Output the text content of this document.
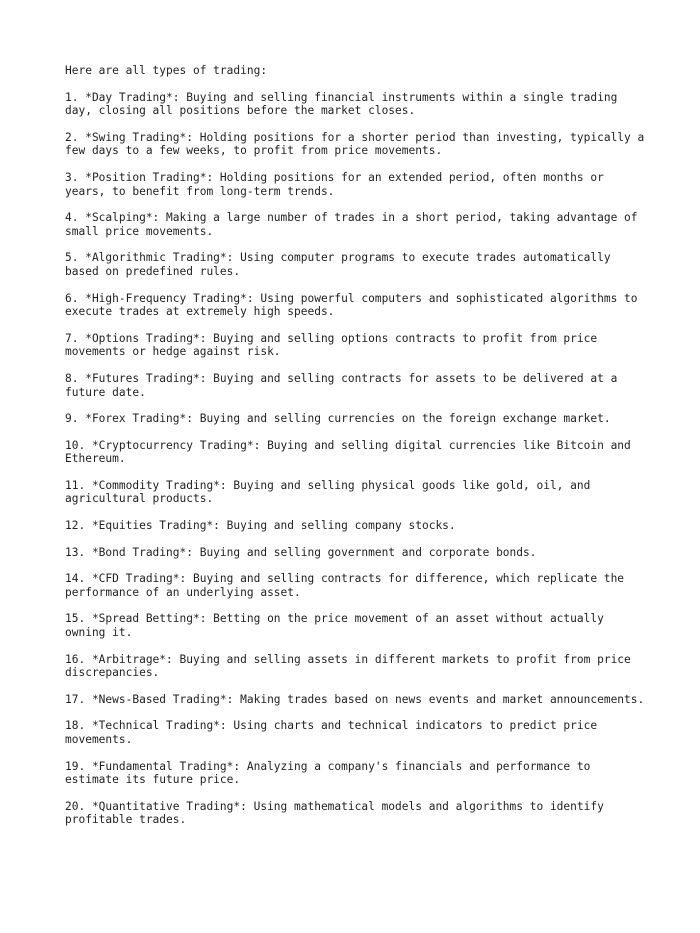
Here are all types of trading:

1. *Day Trading*: Buying and selling financial instruments within a single trading day, closing all positions before the market closes.

2. *Swing Trading*: Holding positions for a shorter period than investing, typically a few days to a few weeks, to profit from price movements.

3. *Position Trading*: Holding positions for an extended period, often months or years, to benefit from long-term trends.

4. *Scalping*: Making a large number of trades in a short period, taking advantage of small price movements.

5. *Algorithmic Trading*: Using computer programs to execute trades automatically based on predefined rules.

6. *High-Frequency Trading*: Using powerful computers and sophisticated algorithms to execute trades at extremely high speeds.

7. *Options Trading*: Buying and selling options contracts to profit from price movements or hedge against risk.

8. *Futures Trading*: Buying and selling contracts for assets to be delivered at a future date.

9. *Forex Trading*: Buying and selling currencies on the foreign exchange market.

10. *Cryptocurrency Trading*: Buying and selling digital currencies like Bitcoin and Ethereum.

11. *Commodity Trading*: Buying and selling physical goods like gold, oil, and agricultural products.

12. *Equities Trading*: Buying and selling company stocks.

13. *Bond Trading*: Buying and selling government and corporate bonds.

14. *CFD Trading*: Buying and selling contracts for difference, which replicate the performance of an underlying asset.

15. *Spread Betting*: Betting on the price movement of an asset without actually owning it.

16. *Arbitrage*: Buying and selling assets in different markets to profit from price discrepancies.

17. *News-Based Trading*: Making trades based on news events and market announcements.

18. *Technical Trading*: Using charts and technical indicators to predict price movements.

19. *Fundamental Trading*: Analyzing a company's financials and performance to estimate its future price.

20. *Quantitative Trading*: Using mathematical models and algorithms to identify profitable trades.
